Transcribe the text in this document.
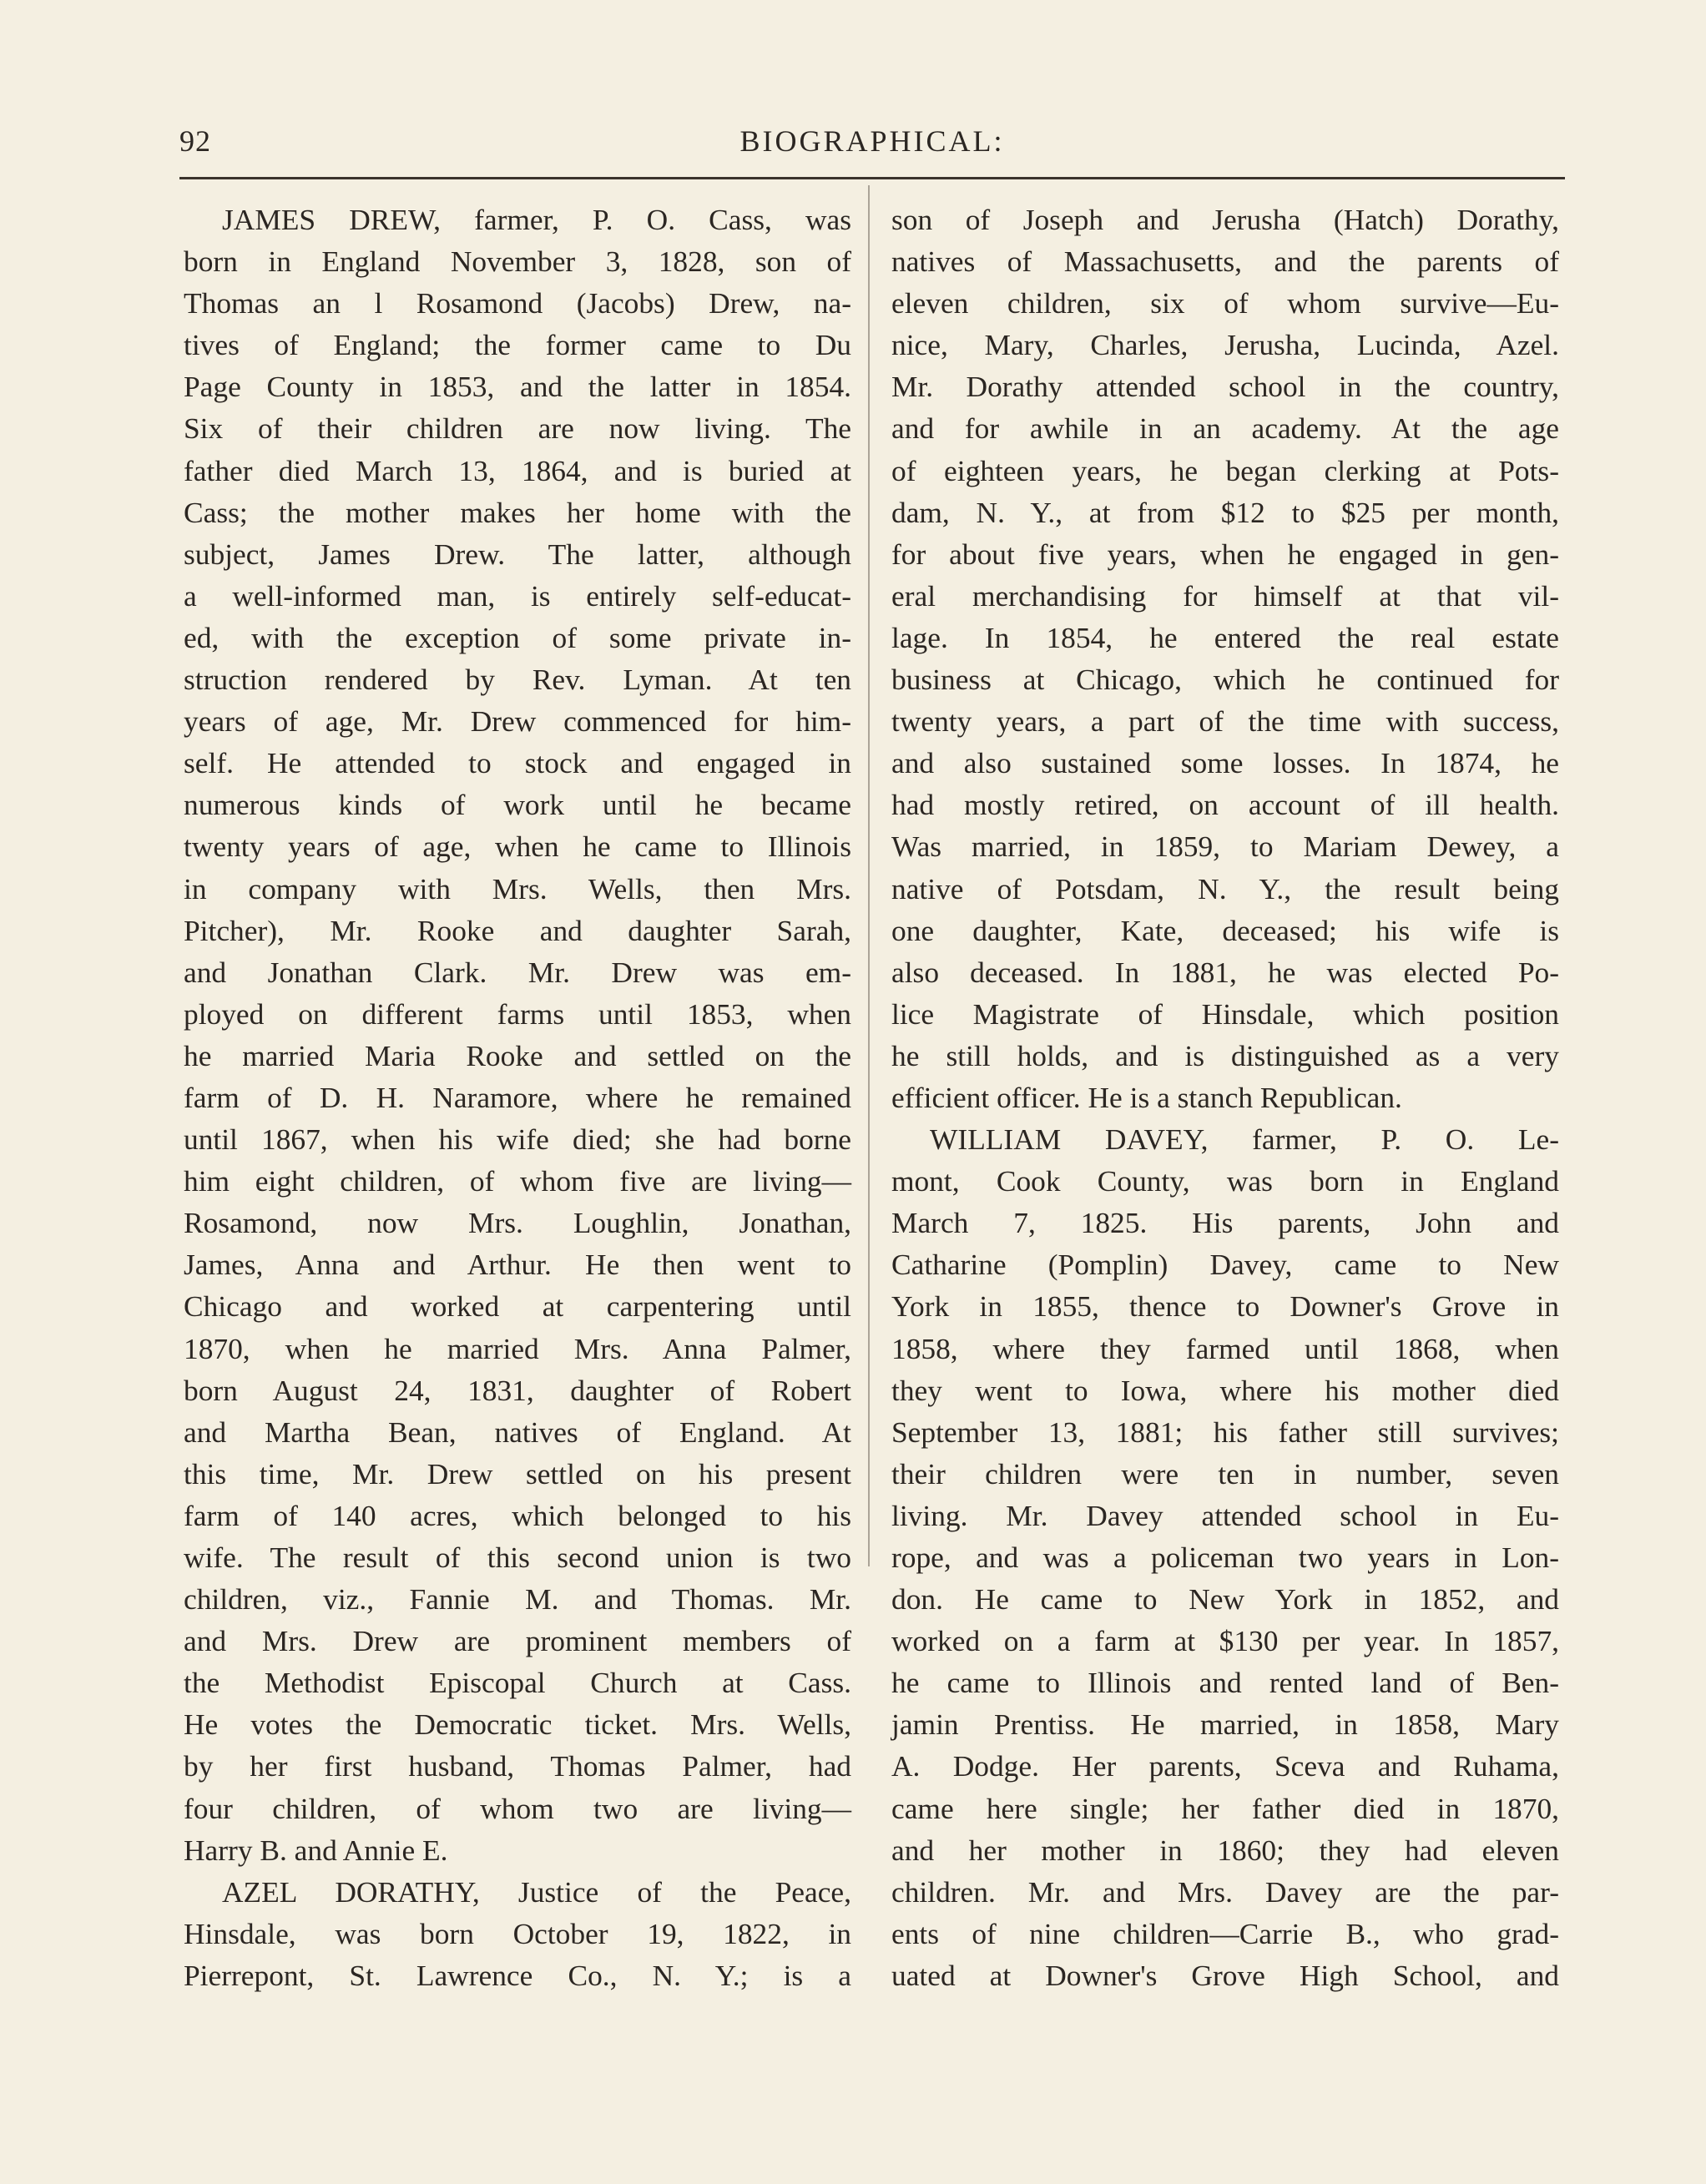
92	BIOGRAPHICAL:
JAMES DREW, farmer, P. O. Cass, was
born in England November 3, 1828, son of
Thomas an l Rosamond (Jacobs) Drew, na-
tives of England; the former came to Du
Page County in 1853, and the latter in 1854.
Six of their children are now living. The
father died March 13, 1864, and is buried at
Cass; the mother makes her home with the
subject, James Drew. The latter, although
a well-informed man, is entirely self-educat-
ed, with the exception of some private in-
struction rendered by Rev. Lyman. At ten
years of age, Mr. Drew commenced for him-
self. He attended to stock and engaged in
numerous kinds of work until he became
twenty years of age, when he came to Illinois
in company with Mrs. Wells, then Mrs.
Pitcher), Mr. Rooke and daughter Sarah,
and Jonathan Clark. Mr. Drew was em-
ployed on different farms until 1853, when
he married Maria Rooke and settled on the
farm of D. H. Naramore, where he remained
until 1867, when his wife died; she had borne
him eight children, of whom five are living—
Rosamond, now Mrs. Loughlin, Jonathan,
James, Anna and Arthur. He then went to
Chicago and worked at carpentering until
1870, when he married Mrs. Anna Palmer,
born August 24, 1831, daughter of Robert
and Martha Bean, natives of England. At
this time, Mr. Drew settled on his present
farm of 140 acres, which belonged to his
wife. The result of this second union is two
children, viz., Fannie M. and Thomas. Mr.
and Mrs. Drew are prominent members of
the Methodist Episcopal Church at Cass.
He votes the Democratic ticket. Mrs. Wells,
by her first husband, Thomas Palmer, had
four children, of whom two are living—
Harry B. and Annie E.
AZEL DORATHY, Justice of the Peace,
Hinsdale, was born October 19, 1822, in
Pierrepont, St. Lawrence Co., N. Y.; is a
son of Joseph and Jerusha (Hatch) Dorathy,
natives of Massachusetts, and the parents of
eleven children, six of whom survive—Eu-
nice, Mary, Charles, Jerusha, Lucinda, Azel.
Mr. Dorathy attended school in the country,
and for awhile in an academy. At the age
of eighteen years, he began clerking at Pots-
dam, N. Y., at from $12 to $25 per month,
for about five years, when he engaged in gen-
eral merchandising for himself at that vil-
lage. In 1854, he entered the real estate
business at Chicago, which he continued for
twenty years, a part of the time with success,
and also sustained some losses. In 1874, he
had mostly retired, on account of ill health.
Was married, in 1859, to Mariam Dewey, a
native of Potsdam, N. Y., the result being
one daughter, Kate, deceased; his wife is
also deceased. In 1881, he was elected Po-
lice Magistrate of Hinsdale, which position
he still holds, and is distinguished as a very
efficient officer. He is a stanch Republican.
WILLIAM DAVEY, farmer, P. O. Le-
mont, Cook County, was born in England
March 7, 1825. His parents, John and
Catharine (Pomplin) Davey, came to New
York in 1855, thence to Downer's Grove in
1858, where they farmed until 1868, when
they went to Iowa, where his mother died
September 13, 1881; his father still survives;
their children were ten in number, seven
living. Mr. Davey attended school in Eu-
rope, and was a policeman two years in Lon-
don. He came to New York in 1852, and
worked on a farm at $130 per year. In 1857,
he came to Illinois and rented land of Ben-
jamin Prentiss. He married, in 1858, Mary
A. Dodge. Her parents, Sceva and Ruhama,
came here single; her father died in 1870,
and her mother in 1860; they had eleven
children. Mr. and Mrs. Davey are the par-
ents of nine children—Carrie B., who grad-
uated at Downer's Grove High School, and
